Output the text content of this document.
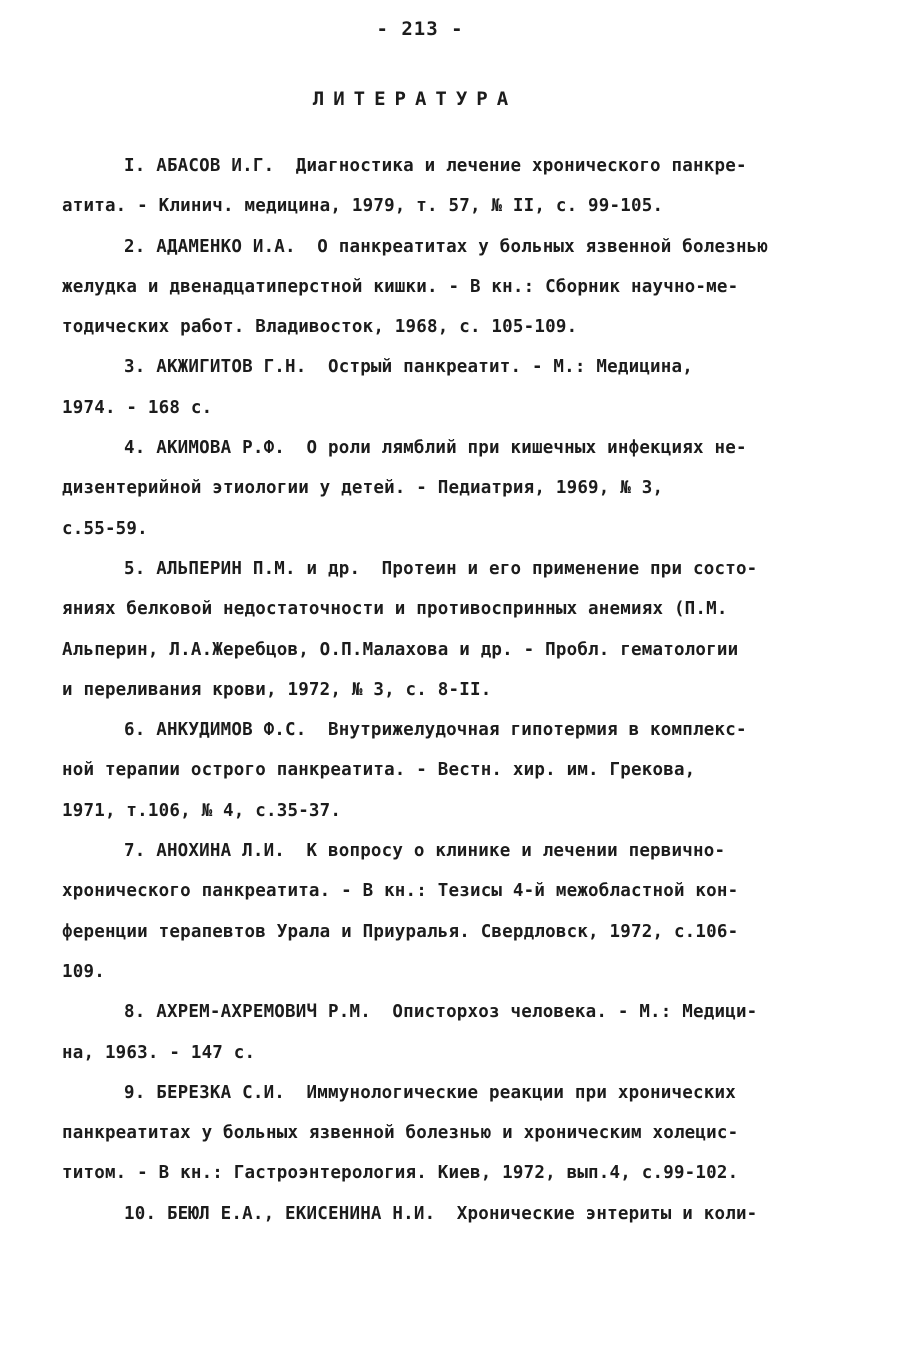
- 213 -
ЛИТЕРАТУРА
I. АБАСОВ И.Г.  Диагностика и лечение хронического панкре-
атита. - Клинич. медицина, 1979, т. 57, № II, с. 99-105.
2. АДАМЕНКО И.А.  О панкреатитах у больных язвенной болезнью
желудка и двенадцатиперстной кишки. - В кн.: Сборник научно-ме-
тодических работ. Владивосток, 1968, с. 105-109.
3. АКЖИГИТОВ Г.Н.  Острый панкреатит. - М.: Медицина,
1974. - 168 с.
4. АКИМОВА Р.Ф.  О роли лямблий при кишечных инфекциях не-
дизентерийной этиологии у детей. - Педиатрия, 1969, № 3,
с.55-59.
5. АЛЬПЕРИН П.М. и др.  Протеин и его применение при состо-
яниях белковой недостаточности и противоспринных анемиях (П.М.
Альперин, Л.А.Жеребцов, О.П.Малахова и др. - Пробл. гематологии
и переливания крови, 1972, № 3, с. 8-II.
6. АНКУДИМОВ Ф.С.  Внутрижелудочная гипотермия в комплекс-
ной терапии острого панкреатита. - Вестн. хир. им. Грекова,
1971, т.106, № 4, с.35-37.
7. АНОХИНА Л.И.  К вопросу о клинике и лечении первично-
хронического панкреатита. - В кн.: Тезисы 4-й межобластной кон-
ференции терапевтов Урала и Приуралья. Свердловск, 1972, с.106-
109.
8. АХРЕМ-АХРЕМОВИЧ Р.М.  Описторхоз человека. - М.: Медици-
на, 1963. - 147 с.
9. БЕРЕЗКА С.И.  Иммунологические реакции при хронических
панкреатитах у больных язвенной болезнью и хроническим холецис-
титом. - В кн.: Гастроэнтерология. Киев, 1972, вып.4, с.99-102.
10. БЕЮЛ Е.А., ЕКИСЕНИНА Н.И.  Хронические энтериты и коли-
